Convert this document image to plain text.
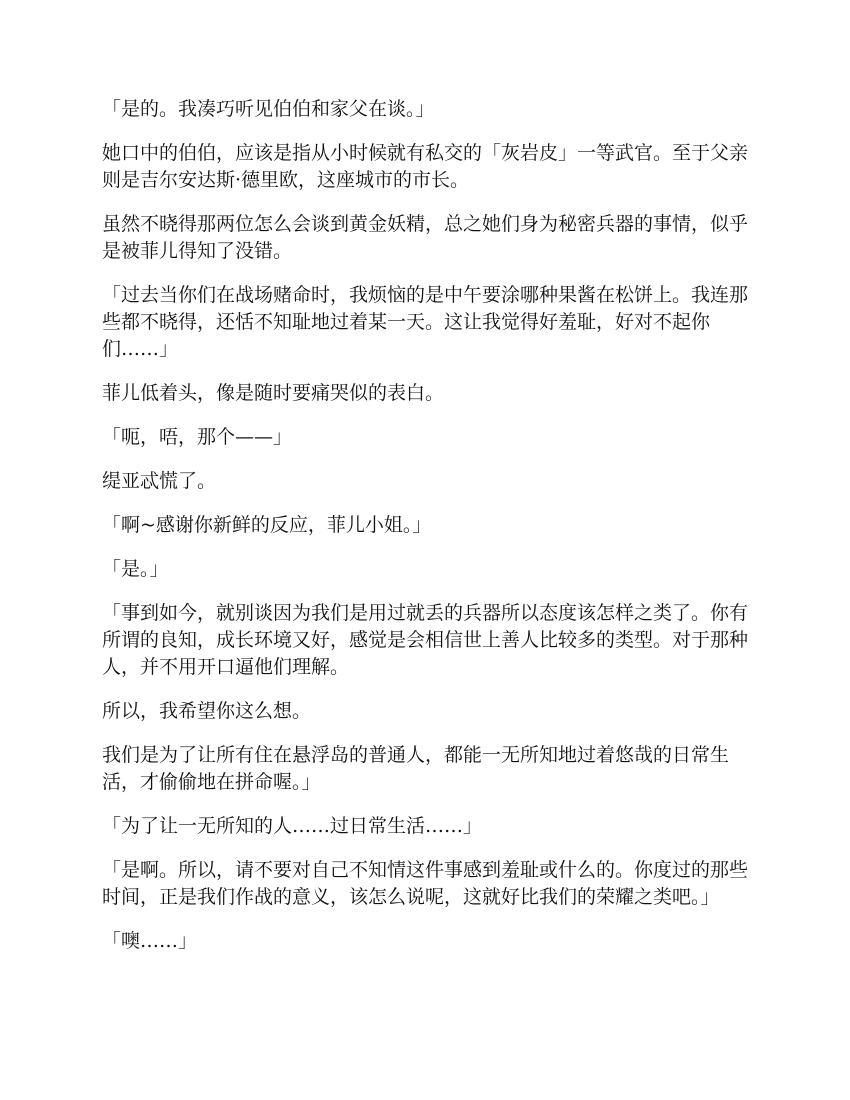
「是的。我凑巧听见伯伯和家父在谈。」

她口中的伯伯，应该是指从小时候就有私交的「灰岩皮」一等武官。至于父亲则是吉尔安达斯·德里欧，这座城市的市长。

虽然不晓得那两位怎么会谈到黄金妖精，总之她们身为秘密兵器的事情，似乎是被菲儿得知了没错。

「过去当你们在战场赌命时，我烦恼的是中午要涂哪种果酱在松饼上。我连那些都不晓得，还恬不知耻地过着某一天。这让我觉得好羞耻，好对不起你们……」

菲儿低着头，像是随时要痛哭似的表白。

「呃，唔，那个——」

缇亚忒慌了。

「啊~感谢你新鲜的反应，菲儿小姐。」

「是。」

「事到如今，就别谈因为我们是用过就丢的兵器所以态度该怎样之类了。你有所谓的良知，成长环境又好，感觉是会相信世上善人比较多的类型。对于那种人，并不用开口逼他们理解。

所以，我希望你这么想。

我们是为了让所有住在悬浮岛的普通人，都能一无所知地过着悠哉的日常生活，才偷偷地在拼命喔。」

「为了让一无所知的人……过日常生活……」

「是啊。所以，请不要对自己不知情这件事感到羞耻或什么的。你度过的那些时间，正是我们作战的意义，该怎么说呢，这就好比我们的荣耀之类吧。」

「噢……」
